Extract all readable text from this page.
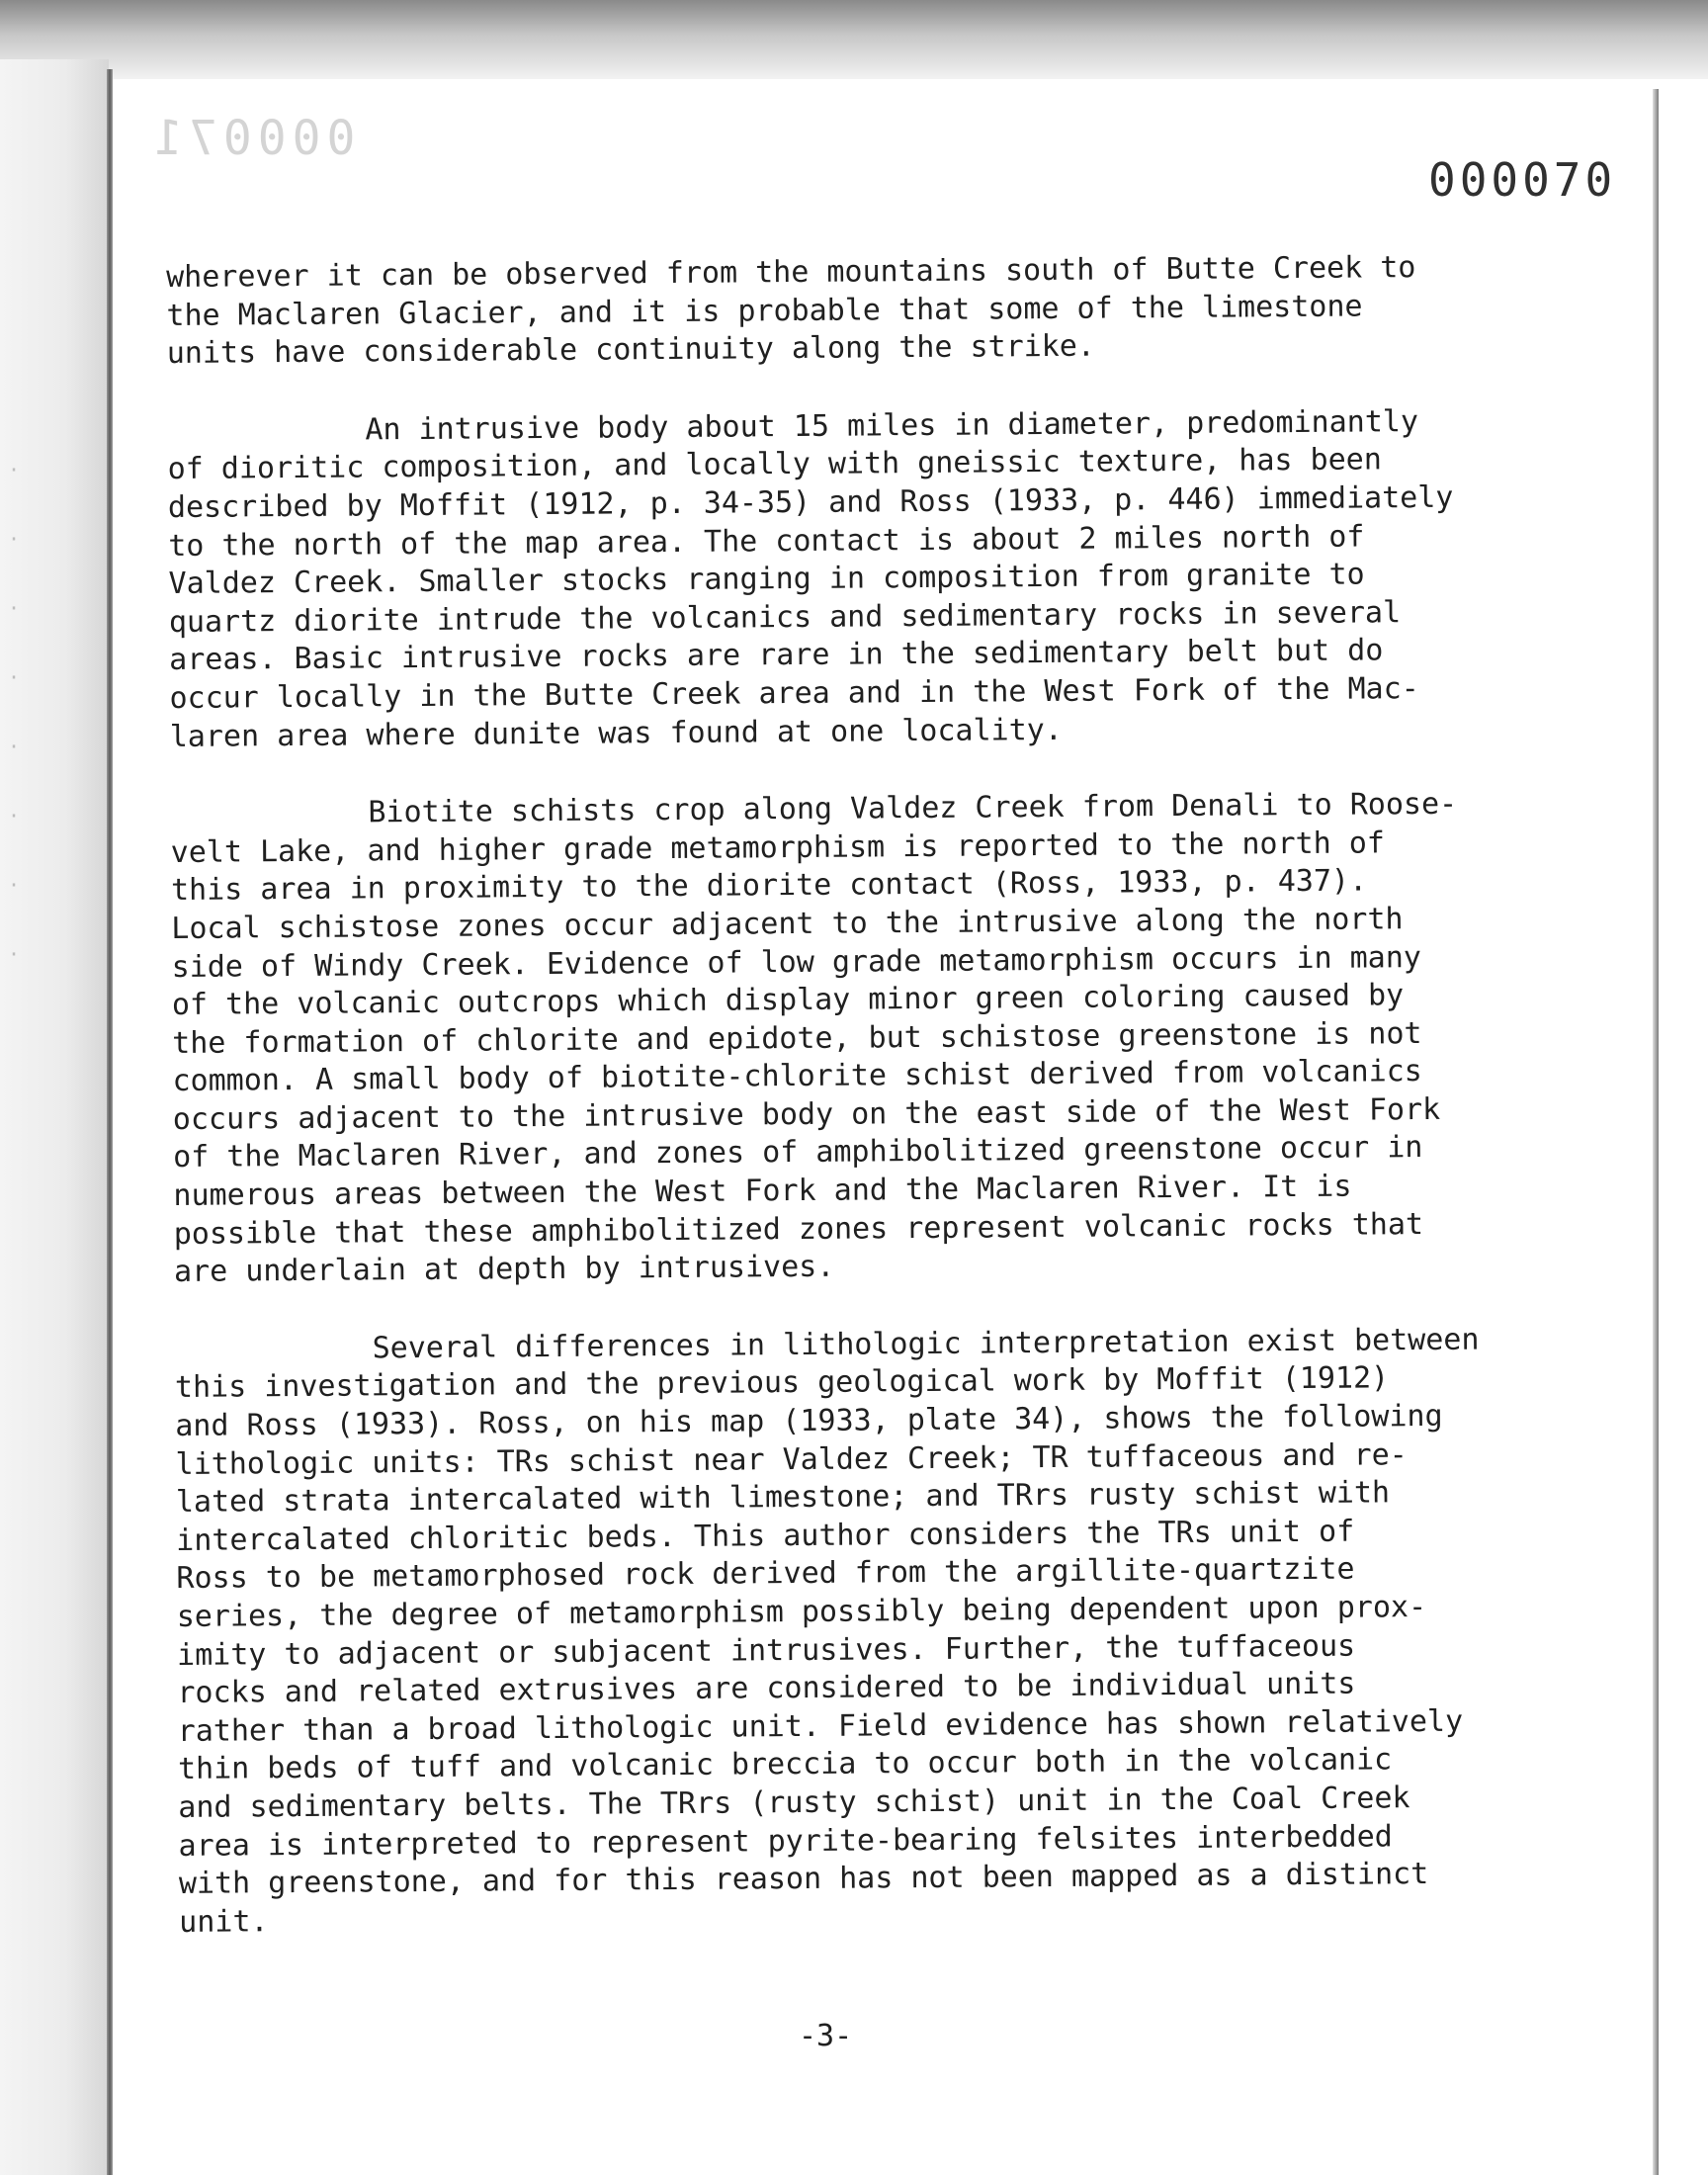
000071
000070
·
·
·
·
·
·
·
·

wherever it can be observed from the mountains south of Butte Creek to
the Maclaren Glacier, and it is probable that some of the limestone
units have considerable continuity along the strike.

An intrusive body about 15 miles in diameter, predominantly
of dioritic composition, and locally with gneissic texture, has been
described by Moffit (1912, p. 34-35) and Ross (1933, p. 446) immediately
to the north of the map area. The contact is about 2 miles north of
Valdez Creek. Smaller stocks ranging in composition from granite to
quartz diorite intrude the volcanics and sedimentary rocks in several
areas. Basic intrusive rocks are rare in the sedimentary belt but do
occur locally in the Butte Creek area and in the West Fork of the Mac-
laren area where dunite was found at one locality.

Biotite schists crop along Valdez Creek from Denali to Roose-
velt Lake, and higher grade metamorphism is reported to the north of
this area in proximity to the diorite contact (Ross, 1933, p. 437).
Local schistose zones occur adjacent to the intrusive along the north
side of Windy Creek. Evidence of low grade metamorphism occurs in many
of the volcanic outcrops which display minor green coloring caused by
the formation of chlorite and epidote, but schistose greenstone is not
common. A small body of biotite-chlorite schist derived from volcanics
occurs adjacent to the intrusive body on the east side of the West Fork
of the Maclaren River, and zones of amphibolitized greenstone occur in
numerous areas between the West Fork and the Maclaren River. It is
possible that these amphibolitized zones represent volcanic rocks that
are underlain at depth by intrusives.

Several differences in lithologic interpretation exist between
this investigation and the previous geological work by Moffit (1912)
and Ross (1933). Ross, on his map (1933, plate 34), shows the following
lithologic units: TRs schist near Valdez Creek; TR tuffaceous and re-
lated strata intercalated with limestone; and TRrs rusty schist with
intercalated chloritic beds. This author considers the TRs unit of
Ross to be metamorphosed rock derived from the argillite-quartzite
series, the degree of metamorphism possibly being dependent upon prox-
imity to adjacent or subjacent intrusives. Further, the tuffaceous
rocks and related extrusives are considered to be individual units
rather than a broad lithologic unit. Field evidence has shown relatively
thin beds of tuff and volcanic breccia to occur both in the volcanic
and sedimentary belts. The TRrs (rusty schist) unit in the Coal Creek
area is interpreted to represent pyrite-bearing felsites interbedded
with greenstone, and for this reason has not been mapped as a distinct
unit.

-3-
